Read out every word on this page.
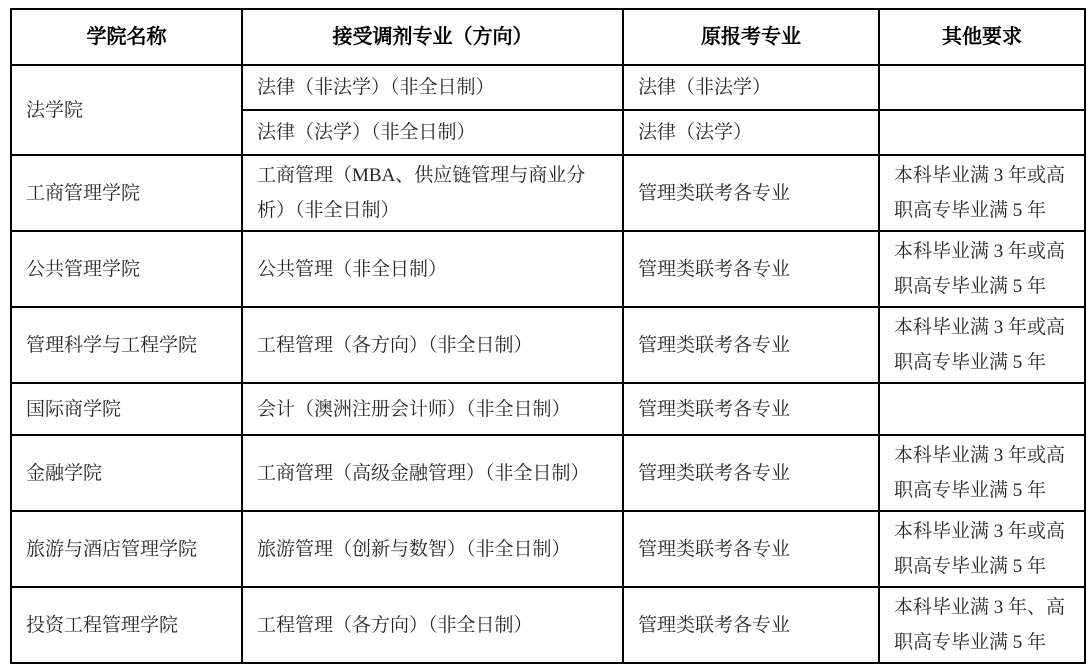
学院名称	接受调剂专业（方向）	原报考专业	其他要求
法学院	法律（非法学）（非全日制）	法律（非法学）	
	法律（法学）（非全日制）	法律（法学）	
工商管理学院	工商管理（MBA、供应链管理与商业分析）（非全日制）	管理类联考各专业	本科毕业满 3 年或高职高专毕业满 5 年
公共管理学院	公共管理（非全日制）	管理类联考各专业	本科毕业满 3 年或高职高专毕业满 5 年
管理科学与工程学院	工程管理（各方向）（非全日制）	管理类联考各专业	本科毕业满 3 年或高职高专毕业满 5 年
国际商学院	会计（澳洲注册会计师）（非全日制）	管理类联考各专业	
金融学院	工商管理（高级金融管理）（非全日制）	管理类联考各专业	本科毕业满 3 年或高职高专毕业满 5 年
旅游与酒店管理学院	旅游管理（创新与数智）（非全日制）	管理类联考各专业	本科毕业满 3 年或高职高专毕业满 5 年
投资工程管理学院	工程管理（各方向）（非全日制）	管理类联考各专业	本科毕业满 3 年、高职高专毕业满 5 年
